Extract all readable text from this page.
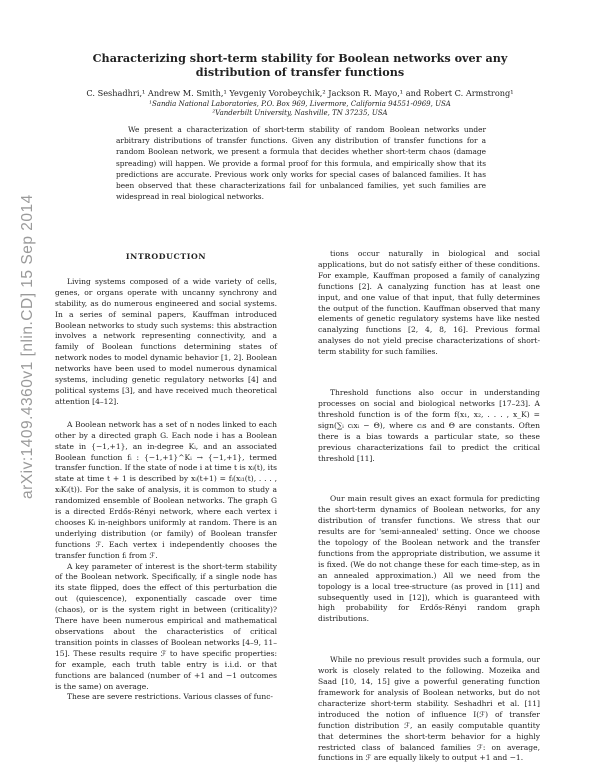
Characterizing short-term stability for Boolean networks over any distribution of transfer functions
C. Seshadhri,¹ Andrew M. Smith,¹ Yevgeniy Vorobeychik,² Jackson R. Mayo,¹ and Robert C. Armstrong¹
¹Sandia National Laboratories, P.O. Box 969, Livermore, California 94551-0969, USA
²Vanderbilt University, Nashville, TN 37235, USA

We present a characterization of short-term stability of random Boolean networks under arbitrary distributions of transfer functions. Given any distribution of transfer functions for a random Boolean network, we present a formula that decides whether short-term chaos (damage spreading) will happen. We provide a formal proof for this formula, and empirically show that its predictions are accurate. Previous work only works for special cases of balanced families. It has been observed that these characterizations fail for unbalanced families, yet such families are widespread in real biological networks.

arXiv:1409.4360v1 [nlin.CD] 15 Sep 2014	INTRODUCTION

Living systems composed of a wide variety of cells, genes, or organs operate with uncanny synchrony and stability, as do numerous engineered and social systems. In a series of seminal papers, Kauffman introduced Boolean networks to study such systems: this abstraction involves a network representing connectivity, and a family of Boolean functions determining states of network nodes to model dynamic behavior [1, 2]. Boolean networks have been used to model numerous dynamical systems, including genetic regulatory networks [4] and political systems [3], and have received much theoretical attention [4–12].

A Boolean network has a set of n nodes linked to each other by a directed graph G. Each node i has a Boolean state in {−1,+1}, an in-degree Kᵢ, and an associated Boolean function fᵢ : {−1,+1}^Kᵢ → {−1,+1}, termed transfer function. If the state of node i at time t is xᵢ(t), its state at time t + 1 is described by xᵢ(t+1) = fᵢ(xᵢ₁(t), . . . , xᵢKᵢ(t)). For the sake of analysis, it is common to study a randomized ensemble of Boolean networks. The graph G is a directed Erdős-Rényi network, where each vertex i chooses Kᵢ in-neighbors uniformly at random. There is an underlying distribution (or family) of Boolean transfer functions ℱ. Each vertex i independently chooses the transfer function fᵢ from ℱ.

A key parameter of interest is the short-term stability of the Boolean network. Specifically, if a single node has its state flipped, does the effect of this perturbation die out (quiescence), exponentially cascade over time (chaos), or is the system right in between (criticality)? There have been numerous empirical and mathematical observations about the characteristics of critical transition points in classes of Boolean networks [4–9, 11–15]. These results require ℱ to have specific properties: for example, each truth table entry is i.i.d. or that functions are balanced (number of +1 and −1 outcomes is the same) on average.

These are severe restrictions. Various classes of func-

tions occur naturally in biological and social applications, but do not satisfy either of these conditions. For example, Kauffman proposed a family of canalyzing functions [2]. A canalyzing function has at least one input, and one value of that input, that fully determines the output of the function. Kauffman observed that many elements of genetic regulatory systems have like nested canalyzing functions [2, 4, 8, 16]. Previous formal analyses do not yield precise characterizations of short-term stability for such families.

Threshold functions also occur in understanding processes on social and biological networks [17–23]. A threshold function is of the form f(x₁, x₂, . . . , x_K) = sign(∑ᵢ cᵢxᵢ − Θ), where cᵢs and Θ are constants. Often there is a bias towards a particular state, so these previous characterizations fail to predict the critical threshold [11].

Our main result gives an exact formula for predicting the short-term dynamics of Boolean networks, for any distribution of transfer functions. We stress that our results are for 'semi-annealed' setting. Once we choose the topology of the Boolean network and the transfer functions from the appropriate distribution, we assume it is fixed. (We do not change these for each time-step, as in an annealed approximation.) All we need from the topology is a local tree-structure (as proved in [11] and subsequently used in [12]), which is guaranteed with high probability for Erdős-Rényi random graph distributions.

While no previous result provides such a formula, our work is closely related to the following. Mozeika and Saad [10, 14, 15] give a powerful generating function framework for analysis of Boolean networks, but do not characterize short-term stability. Seshadhri et al. [11] introduced the notion of influence I(ℱ) of transfer function distribution ℱ, an easily computable quantity that determines the short-term behavior for a highly restricted class of balanced families ℱ: on average, functions in ℱ are equally likely to output +1 and −1.
